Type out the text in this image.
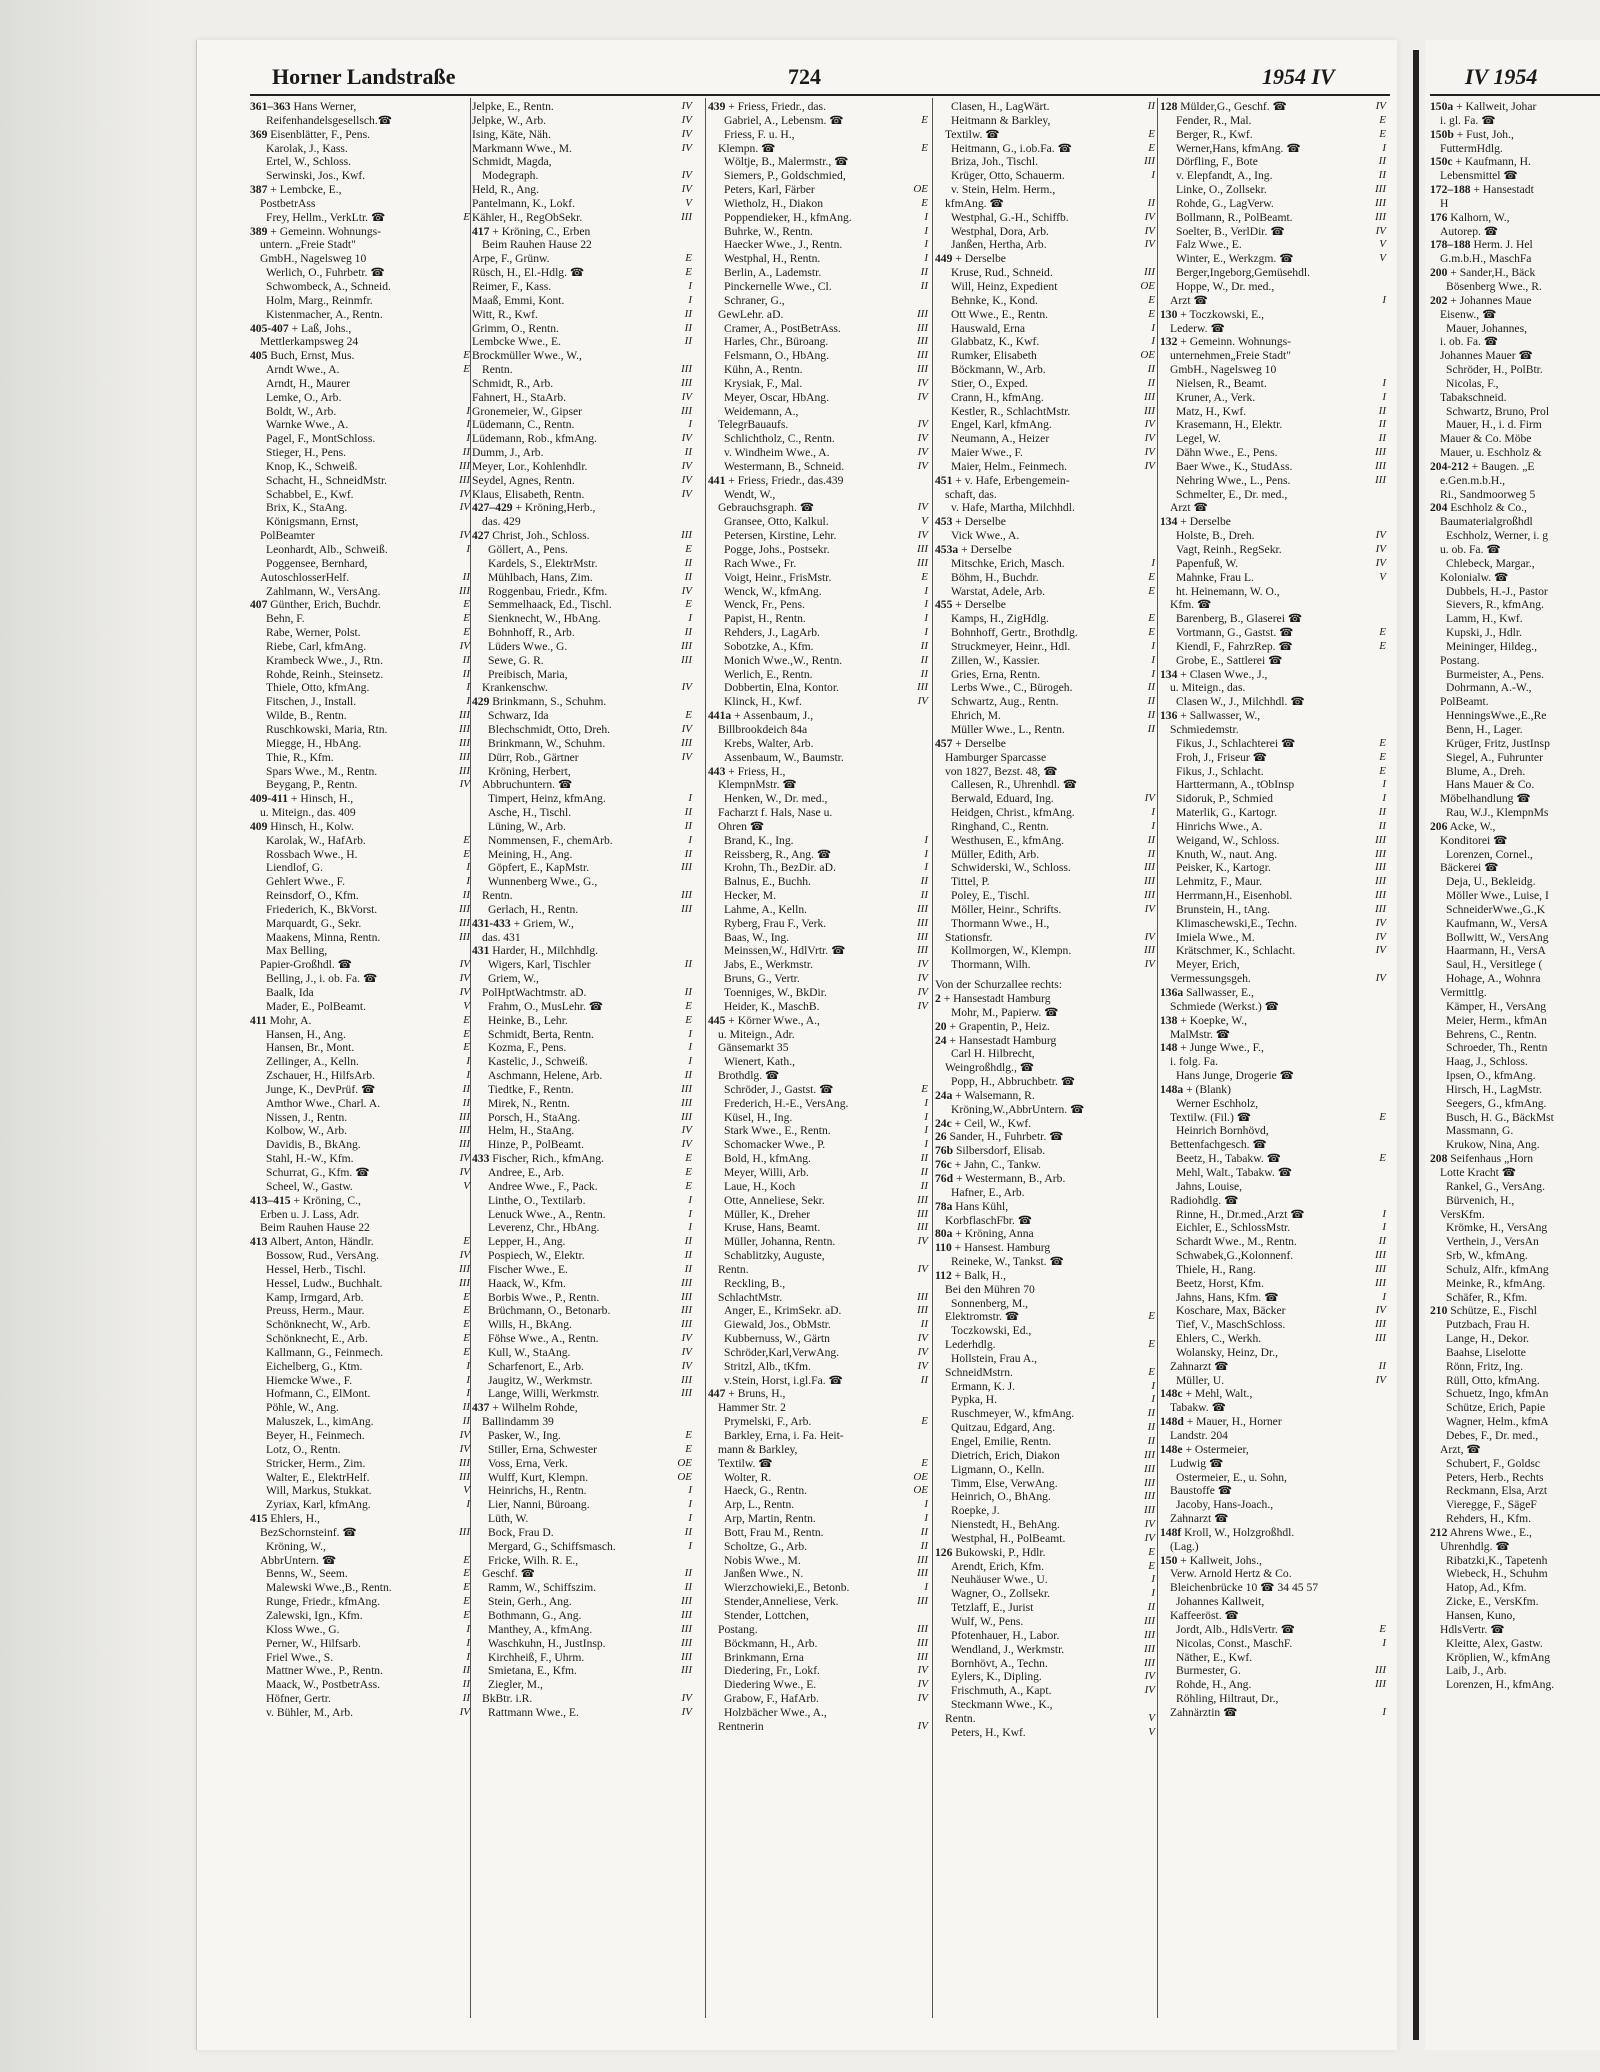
Horner Landstraße	724	1954 IV	IV 1954
361–363 Hans Werner,
Reifenhandelsgesellsch.☎
369 Eisenblätter, F., Pens.
Karolak, J., Kass.
Ertel, W., Schloss.
Serwinski, Jos., Kwf.
387 + Lembcke, E.,
PostbetrAss
Frey, Hellm., VerkLtr. ☎	E
389 + Gemeinn. Wohnungs-
untern. „Freie Stadt"
GmbH., Nagelsweg 10
Werlich, O., Fuhrbetr. ☎
Schwombeck, A., Schneid.
Holm, Marg., Reinmfr.
Kistenmacher, A., Rentn.
405-407 + Laß, Johs.,
Mettlerkampsweg 24
405 Buch, Ernst, Mus.	E
Arndt Wwe., A.	E
Arndt, H., Maurer
Lemke, O., Arb.
Boldt, W., Arb.	I
Warnke Wwe., A.	I
Pagel, F., MontSchloss.	I
Stieger, H., Pens.	II
Knop, K., Schweiß.	III
Schacht, H., SchneidMstr.	III
Schabbel, E., Kwf.	IV
Brix, K., StaAng.	IV
Königsmann, Ernst,
PolBeamter	IV
Leonhardt, Alb., Schweiß.	I
Poggensee, Bernhard,
AutoschlosserHelf.	II
Zahlmann, W., VersAng.	III
407 Günther, Erich, Buchdr.	E
Behn, F.	E
Rabe, Werner, Polst.	E
Riebe, Carl, kfmAng.	IV
Krambeck Wwe., J., Rtn.	II
Rohde, Reinh., Steinsetz.	II
Thiele, Otto, kfmAng.	I
Fitschen, J., Install.	I
Wilde, B., Rentn.	III
Ruschkowski, Maria, Rtn.	III
Miegge, H., HbAng.	III
Thie, R., Kfm.	III
Spars Wwe., M., Rentn.	III
Beygang, P., Rentn.	IV
409-411 + Hinsch, H.,
u. Miteign., das. 409
409 Hinsch, H., Kolw.
Karolak, W., HafArb.	E
Rossbach Wwe., H.	E
Liendlof, G.	I
Gehlert Wwe., F.	I
Reinsdorf, O., Kfm.	II
Friederich, K., BkVorst.	III
Marquardt, G., Sekr.	III
Maakens, Minna, Rentn.	III
Max Belling,
Papier-Großhdl. ☎	IV
Belling, J., i. ob. Fa. ☎	IV
Baalk, Ida	IV
Mader, E., PolBeamt.	V
411 Mohr, A.	E
Hansen, H., Ang.	E
Hansen, Br., Mont.	E
Zellinger, A., Kelln.	I
Zschauer, H., HilfsArb.	I
Junge, K., DevPrüf. ☎	II
Amthor Wwe., Charl. A.	II
Nissen, J., Rentn.	III
Kolbow, W., Arb.	III
Davidis, B., BkAng.	III
Stahl, H.-W., Kfm.	IV
Schurrat, G., Kfm. ☎	IV
Scheel, W., Gastw.	V
413–415 + Kröning, C.,
Erben u. J. Lass, Adr.
Beim Rauhen Hause 22
413 Albert, Anton, Händlr.	E
Bossow, Rud., VersAng.	IV
Hessel, Herb., Tischl.	III
Hessel, Ludw., Buchhalt.	III
Kamp, Irmgard, Arb.	E
Preuss, Herm., Maur.	E
Schönknecht, W., Arb.	E
Schönknecht, E., Arb.	E
Kallmann, G., Feinmech.	E
Eichelberg, G., Ktm.	I
Hiemcke Wwe., F.	I
Hofmann, C., ElMont.	I
Pöhle, W., Ang.	II
Maluszek, L., kimAng.	II
Beyer, H., Feinmech.	IV
Lotz, O., Rentn.	IV
Stricker, Herm., Zim.	III
Walter, E., ElektrHelf.	III
Will, Markus, Stukkat.	V
Zyriax, Karl, kfmAng.	I
415 Ehlers, H.,
BezSchornsteinf. ☎	III
Kröning, W.,
AbbrUntern. ☎	E
Benns, W., Seem.	E
Malewski Wwe.,B., Rentn.	E
Runge, Friedr., kfmAng.	E
Zalewski, Ign., Kfm.	E
Kloss Wwe., G.	I
Perner, W., Hilfsarb.	I
Friel Wwe., S.	I
Mattner Wwe., P., Rentn.	II
Maack, W., PostbetrAss.	II
Höfner, Gertr.	II
v. Bühler, M., Arb.	IV
Jelpke, E., Rentn.	IV
Jelpke, W., Arb.	IV
Ising, Käte, Näh.	IV
Markmann Wwe., M.	IV
Schmidt, Magda,
Modegraph.	IV
Held, R., Ang.	IV
Pantelmann, K., Lokf.	V
Kähler, H., RegObSekr.	III
417 + Kröning, C., Erben
Beim Rauhen Hause 22
Arpe, F., Grünw.	E
Rüsch, H., El.-Hdlg. ☎	E
Reimer, F., Kass.	I
Maaß, Emmi, Kont.	I
Witt, R., Kwf.	II
Grimm, O., Rentn.	II
Lembcke Wwe., E.	II
Brockmüller Wwe., W.,
Rentn.	III
Schmidt, R., Arb.	III
Fahnert, H., StaArb.	IV
Gronemeier, W., Gipser	III
Lüdemann, C., Rentn.	I
Lüdemann, Rob., kfmAng.	IV
Dumm, J., Arb.	II
Meyer, Lor., Kohlenhdlr.	IV
Seydel, Agnes, Rentn.	IV
Klaus, Elisabeth, Rentn.	IV
427–429 + Kröning,Herb.,
das. 429
427 Christ, Joh., Schloss.	III
Göllert, A., Pens.	E
Kardels, S., ElektrMstr.	II
Mühlbach, Hans, Zim.	II
Roggenbau, Friedr., Kfm.	IV
Semmelhaack, Ed., Tischl.	E
Sienknecht, W., HbAng.	I
Bohnhoff, R., Arb.	II
Lüders Wwe., G.	III
Sewe, G. R.	III
Preibisch, Maria,
Krankenschw.	IV
429 Brinkmann, S., Schuhm.
Schwarz, Ida	E
Blechschmidt, Otto, Dreh.	IV
Brinkmann, W., Schuhm.	III
Dürr, Rob., Gärtner	IV
Kröning, Herbert,
Abbruchuntern. ☎
Timpert, Heinz, kfmAng.	I
Asche, H., Tischl.	II
Lüning, W., Arb.	II
Nommensen, F., chemArb.	I
Meining, H., Ang.	II
Göpfert, E., KapMstr.	III
Wunnenberg Wwe., G.,
Rentn.	III
Gerlach, H., Rentn.	III
431-433 + Griem, W.,
das. 431
431 Harder, H., Milchhdlg.
Wigers, Karl, Tischler	II
Griem, W.,
PolHptWachtmstr. aD.	II
Frahm, O., MusLehr. ☎	E
Heinke, B., Lehr.	E
Schmidt, Berta, Rentn.	I
Kozma, F., Pens.	I
Kastelic, J., Schweiß.	I
Aschmann, Helene, Arb.	II
Tiedtke, F., Rentn.	III
Mirek, N., Rentn.	III
Porsch, H., StaAng.	III
Helm, H., StaAng.	IV
Hinze, P., PolBeamt.	IV
433 Fischer, Rich., kfmAng.	E
Andree, E., Arb.	E
Andree Wwe., F., Pack.	E
Linthe, O., Textilarb.	I
Lenuck Wwe., A., Rentn.	I
Leverenz, Chr., HbAng.	I
Lepper, H., Ang.	II
Pospiech, W., Elektr.	II
Fischer Wwe., E.	II
Haack, W., Kfm.	III
Borbis Wwe., P., Rentn.	III
Brüchmann, O., Betonarb.	III
Wills, H., BkAng.	III
Föhse Wwe., A., Rentn.	IV
Kull, W., StaAng.	IV
Scharfenort, E., Arb.	IV
Jaugitz, W., Werkmstr.	III
Lange, Willi, Werkmstr.	III
437 + Wilhelm Rohde,
Ballindamm 39
Pasker, W., Ing.	E
Stiller, Erna, Schwester	E
Voss, Erna, Verk.	OE
Wulff, Kurt, Klempn.	OE
Heinrichs, H., Rentn.	I
Lier, Nanni, Büroang.	I
Lüth, W.	I
Bock, Frau D.	II
Mergard, G., Schiffsmasch.	I
Fricke, Wilh. R. E.,
Geschf. ☎	II
Ramm, W., Schiffszim.	II
Stein, Gerh., Ang.	III
Bothmann, G., Ang.	III
Manthey, A., kfmAng.	III
Waschkuhn, H., JustInsp.	III
Kirchheiß, F., Uhrm.	III
Smietana, E., Kfm.	III
Ziegler, M.,
BkBtr. i.R.	IV
Rattmann Wwe., E.	IV
439 + Friess, Friedr., das.
Gabriel, A., Lebensm. ☎	E
Friess, F. u. H.,
Klempn. ☎	E
Wöltje, B., Malermstr., ☎
Siemers, P., Goldschmied,
Peters, Karl, Färber	OE
Wietholz, H., Diakon	E
Poppendieker, H., kfmAng.	I
Buhrke, W., Rentn.	I
Haecker Wwe., J., Rentn.	I
Westphal, H., Rentn.	I
Berlin, A., Lademstr.	II
Pinckernelle Wwe., Cl.	II
Schraner, G.,
GewLehr. aD.	III
Cramer, A., PostBetrAss.	III
Harles, Chr., Büroang.	III
Felsmann, O., HbAng.	III
Kühn, A., Rentn.	III
Krysiak, F., Mal.	IV
Meyer, Oscar, HbAng.	IV
Weidemann, A.,
TelegrBauaufs.	IV
Schlichtholz, C., Rentn.	IV
v. Windheim Wwe., A.	IV
Westermann, B., Schneid.	IV
441 + Friess, Friedr., das.439
Wendt, W.,
Gebrauchsgraph. ☎	IV
Gransee, Otto, Kalkul.	V
Petersen, Kirstine, Lehr.	IV
Pogge, Johs., Postsekr.	III
Rach Wwe., Fr.	III
Voigt, Heinr., FrisMstr.	E
Wenck, W., kfmAng.	I
Wenck, Fr., Pens.	I
Papist, H., Rentn.	I
Rehders, J., LagArb.	I
Sobotzke, A., Kfm.	II
Monich Wwe.,W., Rentn.	II
Werlich, E., Rentn.	II
Dobbertin, Elna, Kontor.	III
Klinck, H., Kwf.	IV
441a + Assenbaum, J.,
Billbrookdeich 84a
Krebs, Walter, Arb.
Assenbaum, W., Baumstr.
443 + Friess, H.,
KlempnMstr. ☎
Henken, W., Dr. med.,
Facharzt f. Hals, Nase u.
Ohren ☎
Brand, K., Ing.	I
Reissberg, R., Ang. ☎	I
Krohn, Th., BezDir. aD.	I
Balnus, E., Buchh.	II
Hecker, M.	II
Lahme, A., Kelln.	III
Ryberg, Frau F., Verk.	III
Baas, W., Ing.	III
Meinssen,W., HdlVrtr. ☎	III
Jabs, E., Werkmstr.	IV
Bruns, G., Vertr.	IV
Toenniges, W., BkDir.	IV
Heider, K., MaschB.	IV
445 + Körner Wwe., A.,
u. Miteign., Adr.
Gänsemarkt 35
Wienert, Kath.,
Brothdlg. ☎
Schröder, J., Gastst. ☎	E
Frederich, H.-E., VersAng.	I
Küsel, H., Ing.	I
Stark Wwe., E., Rentn.	I
Schomacker Wwe., P.	I
Bold, H., kfmAng.	II
Meyer, Willi, Arb.	II
Laue, H., Koch	II
Otte, Anneliese, Sekr.	III
Müller, K., Dreher	III
Kruse, Hans, Beamt.	III
Müller, Johanna, Rentn.	IV
Schablitzky, Auguste,
Rentn.	IV
Reckling, B.,
SchlachtMstr.	III
Anger, E., KrimSekr. aD.	III
Giewald, Jos., ObMstr.	II
Kubbernuss, W., Gärtn	IV
Schröder,Karl,VerwAng.	IV
Stritzl, Alb., tKfm.	IV
v.Stein, Horst, i.gl.Fa. ☎	II
447 + Bruns, H.,
Hammer Str. 2
Prymelski, F., Arb.	E
Barkley, Erna, i. Fa. Heit-
mann & Barkley,
Textilw. ☎	E
Wolter, R.	OE
Haeck, G., Rentn.	OE
Arp, L., Rentn.	I
Arp, Martin, Rentn.	I
Bott, Frau M., Rentn.	II
Scholtze, G., Arb.	II
Nobis Wwe., M.	III
Janßen Wwe., N.	III
Wierzchowieki,E., Betonb.	I
Stender,Anneliese, Verk.	III
Stender, Lottchen,
Postang.	III
Böckmann, H., Arb.	III
Brinkmann, Erna	III
Diedering, Fr., Lokf.	IV
Diedering Wwe., E.	IV
Grabow, F., HafArb.	IV
Holzbächer Wwe., A.,
Rentnerin	IV
Clasen, H., LagWärt.	II
Heitmann & Barkley,
Textilw. ☎	E
Heitmann, G., i.ob.Fa. ☎	E
Briza, Joh., Tischl.	III
Krüger, Otto, Schauerm.	I
v. Stein, Helm. Herm.,
kfmAng. ☎	II
Westphal, G.-H., Schiffb.	IV
Westphal, Dora, Arb.	IV
Janßen, Hertha, Arb.	IV
449 + Derselbe
Kruse, Rud., Schneid.	III
Will, Heinz, Expedient	OE
Behnke, K., Kond.	E
Ott Wwe., E., Rentn.	E
Hauswald, Erna	I
Glabbatz, K., Kwf.	I
Rumker, Elisabeth	OE
Böckmann, W., Arb.	II
Stier, O., Exped.	II
Crann, H., kfmAng.	III
Kestler, R., SchlachtMstr.	III
Engel, Karl, kfmAng.	IV
Neumann, A., Heizer	IV
Maier Wwe., F.	IV
Maier, Helm., Feinmech.	IV
451 + v. Hafe, Erbengemein-
schaft, das.
v. Hafe, Martha, Milchhdl.
453 + Derselbe
Vick Wwe., A.
453a + Derselbe
Mitschke, Erich, Masch.	I
Böhm, H., Buchdr.	E
Warstat, Adele, Arb.	E
455 + Derselbe
Kamps, H., ZigHdlg.	E
Bohnhoff, Gertr., Brothdlg.	E
Struckmeyer, Heinr., Hdl.	I
Zillen, W., Kassier.	I
Gries, Erna, Rentn.	I
Lerbs Wwe., C., Bürogeh.	II
Schwartz, Aug., Rentn.	II
Ehrich, M.	II
Müller Wwe., L., Rentn.	II
457 + Derselbe
Hamburger Sparcasse
von 1827, Bezst. 48, ☎
Callesen, R., Uhrenhdl. ☎
Berwald, Eduard, Ing.	IV
Heidgen, Christ., kfmAng.	I
Ringhand, C., Rentn.	I
Westhusen, E., kfmAng.	II
Müller, Edith, Arb.	II
Schwiderski, W., Schloss.	III
Tittel, P.	III
Poley, E., Tischl.	III
Möller, Heinr., Schrifts.	IV
Thormann Wwe., H.,
Stationsfr.	IV
Kollmorgen, W., Klempn.	III
Thormann, Wilh.	IV
Von der Schurzallee rechts:
2 + Hansestadt Hamburg
Mohr, M., Papierw. ☎
20 + Grapentin, P., Heiz.
24 + Hansestadt Hamburg
Carl H. Hilbrecht,
Weingroßhdlg., ☎
Popp, H., Abbruchbetr. ☎
24a + Walsemann, R.
Kröning,W.,AbbrUntern. ☎
24c + Ceil, W., Kwf.
26 Sander, H., Fuhrbetr. ☎
76b Silbersdorf, Elisab.
76c + Jahn, C., Tankw.
76d + Westermann, B., Arb.
Hafner, E., Arb.
78a Hans Kühl,
KorbflaschFbr. ☎
80a + Kröning, Anna
110 + Hansest. Hamburg
Reineke, W., Tankst. ☎
112 + Balk, H.,
Bei den Mühren 70
Sonnenberg, M.,
Elektromstr. ☎	E
Toczkowski, Ed.,
Lederhdlg.	E
Hollstein, Frau A.,
SchneidMstrn.	E
Ermann, K. J.	I
Pypka, H.	I
Ruschmeyer, W., kfmAng.	II
Quitzau, Edgard, Ang.	II
Engel, Emilie, Rentn.	II
Dietrich, Erich, Diakon	III
Ligmann, O., Kelln.	III
Timm, Else, VerwAng.	III
Heinrich, O., BhAng.	III
Roepke, J.	III
Nienstedt, H., BehAng.	IV
Westphal, H., PolBeamt.	IV
126 Bukowski, P., Hdlr.	E
Arendt, Erich, Kfm.	E
Neuhäuser Wwe., U.	I
Wagner, O., Zollsekr.	I
Tetzlaff, E., Jurist	II
Wulf, W., Pens.	III
Pfotenhauer, H., Labor.	III
Wendland, J., Werkmstr.	III
Bornhövt, A., Techn.	III
Eylers, K., Dipling.	IV
Frischmuth, A., Kapt.	IV
Steckmann Wwe., K.,
Rentn.	V
Peters, H., Kwf.	V
128 Mülder,G., Geschf. ☎	IV
Fender, R., Mal.	E
Berger, R., Kwf.	E
Werner,Hans, kfmAng. ☎	I
Dörfling, F., Bote	II
v. Elepfandt, A., Ing.	II
Linke, O., Zollsekr.	III
Rohde, G., LagVerw.	III
Bollmann, R., PolBeamt.	III
Soelter, B., VerlDir. ☎	IV
Falz Wwe., E.	V
Winter, E., Werkzgm. ☎	V
Berger,Ingeborg,Gemüsehdl.
Hoppe, W., Dr. med.,
Arzt ☎	I
130 + Toczkowski, E.,
Lederw. ☎
132 + Gemeinn. Wohnungs-
unternehmen„Freie Stadt"
GmbH., Nagelsweg 10
Nielsen, R., Beamt.	I
Kruner, A., Verk.	I
Matz, H., Kwf.	II
Krasemann, H., Elektr.	II
Legel, W.	II
Dähn Wwe., E., Pens.	III
Baer Wwe., K., StudAss.	III
Nehring Wwe., L., Pens.	III
Schmelter, E., Dr. med.,
Arzt ☎
134 + Derselbe
Holste, B., Dreh.	IV
Vagt, Reinh., RegSekr.	IV
Papenfuß, W.	IV
Mahnke, Frau L.	V
ht. Heinemann, W. O.,
Kfm. ☎
Barenberg, B., Glaserei ☎
Vortmann, G., Gastst. ☎	E
Kiendl, F., FahrzRep. ☎	E
Grobe, E., Sattlerei ☎
134 + Clasen Wwe., J.,
u. Miteign., das.
Clasen W., J., Milchhdl. ☎
136 + Sallwasser, W.,
Schmiedemstr.
Fikus, J., Schlachterei ☎	E
Froh, J., Friseur ☎	E
Fikus, J., Schlacht.	E
Harttermann, A., tObInsp	I
Sidoruk, P., Schmied	I
Materlik, G., Kartogr.	II
Hinrichs Wwe., A.	II
Weigand, W., Schloss.	III
Knuth, W., naut. Ang.	III
Peisker, K., Kartogr.	III
Lehmitz, F., Maur.	III
Herrmann,H., Eisenhobl.	III
Brunstein, H., tAng.	III
Klimaschewski,E., Techn.	IV
Imiela Wwe., M.	IV
Krätschmer, K., Schlacht.	IV
Meyer, Erich,
Vermessungsgeh.	IV
136a Sallwasser, E.,
Schmiede (Werkst.) ☎
138 + Koepke, W.,
MalMstr. ☎
148 + Junge Wwe., F.,
i. folg. Fa.
Hans Junge, Drogerie ☎
148a + (Blank)
Werner Eschholz,
Textilw. (Fil.) ☎	E
Heinrich Bornhövd,
Bettenfachgesch. ☎
Beetz, H., Tabakw. ☎	E
Mehl, Walt., Tabakw. ☎
Jahns, Louise,
Radiohdlg. ☎
Rinne, H., Dr.med.,Arzt ☎	I
Eichler, E., SchlossMstr.	I
Schardt Wwe., M., Rentn.	II
Schwabek,G.,Kolonnenf.	III
Thiele, H., Rang.	III
Beetz, Horst, Kfm.	III
Jahns, Hans, Kfm. ☎	I
Koschare, Max, Bäcker	IV
Tief, V., MaschSchloss.	III
Ehlers, C., Werkh.	III
Wolansky, Heinz, Dr.,
Zahnarzt ☎	II
Müller, U.	IV
148c + Mehl, Walt.,
Tabakw. ☎
148d + Mauer, H., Horner
Landstr. 204
148e + Ostermeier,
Ludwig ☎
Ostermeier, E., u. Sohn,
Baustoffe ☎
Jacoby, Hans-Joach.,
Zahnarzt ☎
148f Kroll, W., Holzgroßhdl.
(Lag.)
150 + Kallweit, Johs.,
Verw. Arnold Hertz & Co.
Bleichenbrücke 10 ☎ 34 45 57
Johannes Kallweit,
Kaffeeröst. ☎
Jordt, Alb., HdlsVertr. ☎	E
Nicolas, Const., MaschF.	I
Näther, E., Kwf.
Burmester, G.	III
Rohde, H., Ang.	III
Röhling, Hiltraut, Dr.,
Zahnärztin ☎	I
150a + Kallweit, Johar
i. gl. Fa. ☎
150b + Fust, Joh.,
FuttermHdlg.
150c + Kaufmann, H.
Lebensmittel ☎
172–188 + Hansestadt
H
176 Kalhorn, W.,
Autorep. ☎
178–188 Herm. J. Hel
G.m.b.H., MaschFa
200 + Sander,H., Bäck
Bösenberg Wwe., R.
202 + Johannes Maue
Eisenw., ☎
Mauer, Johannes,
i. ob. Fa. ☎
Johannes Mauer ☎
Schröder, H., PolBtr.
Nicolas, F.,
Tabakschneid.
Schwartz, Bruno, Prol
Mauer, H., i. d. Firm
Mauer & Co. Möbe
Mauer, u. Eschholz &
204-212 + Baugen. „E
e.Gen.m.b.H.,
Ri., Sandmoorweg 5
204 Eschholz & Co.,
Baumaterialgroßhdl
Eschholz, Werner, i. g
u. ob. Fa. ☎
Chlebeck, Margar.,
Kolonialw. ☎
Dubbels, H.-J., Pastor
Sievers, R., kfmAng.
Lamm, H., Kwf.
Kupski, J., Hdlr.
Meininger, Hildeg.,
Postang.
Burmeister, A., Pens.
Dohrmann, A.-W.,
PolBeamt.
HenningsWwe.,E.,Re
Benn, H., Lager.
Krüger, Fritz, JustInsp
Siegel, A., Fuhrunter
Blume, A., Dreh.
Hans Mauer & Co.
Möbelhandlung ☎
Rau, W.J., KlempnMs
206 Acke, W.,
Konditorei ☎
Lorenzen, Cornel.,
Bäckerei ☎
Deja, U., Bekleidg.
Möller Wwe., Luise, I
SchneiderWwe.,G.,K
Kaufmann, W., VersA
Bollwitt, W., VersAng
Haarmann, H., VersA
Saul, H., Versitlege (
Hohage, A., Wohnra
Vermittlg.
Kämper, H., VersAng
Meier, Herm., kfmAn
Behrens, C., Rentn.
Schroeder, Th., Rentn
Haag, J., Schloss.
Ipsen, O., kfmAng.
Hirsch, H., LagMstr.
Seegers, G., kfmAng.
Busch, H. G., BäckMst
Massmann, G.
Krukow, Nina, Ang.
208 Seifenhaus „Horn
Lotte Kracht ☎
Rankel, G., VersAng.
Bürvenich, H.,
VersKfm.
Krömke, H., VersAng
Verthein, J., VersAn
Srb, W., kfmAng.
Schulz, Alfr., kfmAng
Meinke, R., kfmAng.
Schäfer, R., Kfm.
210 Schütze, E., Fischl
Putzbach, Frau H.
Lange, H., Dekor.
Baahse, Liselotte
Rönn, Fritz, Ing.
Rüll, Otto, kfmAng.
Schuetz, Ingo, kfmAn
Schütze, Erich, Papie
Wagner, Helm., kfmA
Debes, F., Dr. med.,
Arzt, ☎
Schubert, F., Goldsc
Peters, Herb., Rechts
Reckmann, Elsa, Arzt
Vieregge, F., SägeF
Rehders, H., Kfm.
212 Ahrens Wwe., E.,
Uhrenhdlg. ☎
Ribatzki,K., Tapetenh
Wiebeck, H., Schuhm
Hatop, Ad., Kfm.
Zicke, E., VersKfm.
Hansen, Kuno,
HdlsVertr. ☎
Kleitte, Alex, Gastw.
Kröplien, W., kfmAng
Laib, J., Arb.
Lorenzen, H., kfmAng.
